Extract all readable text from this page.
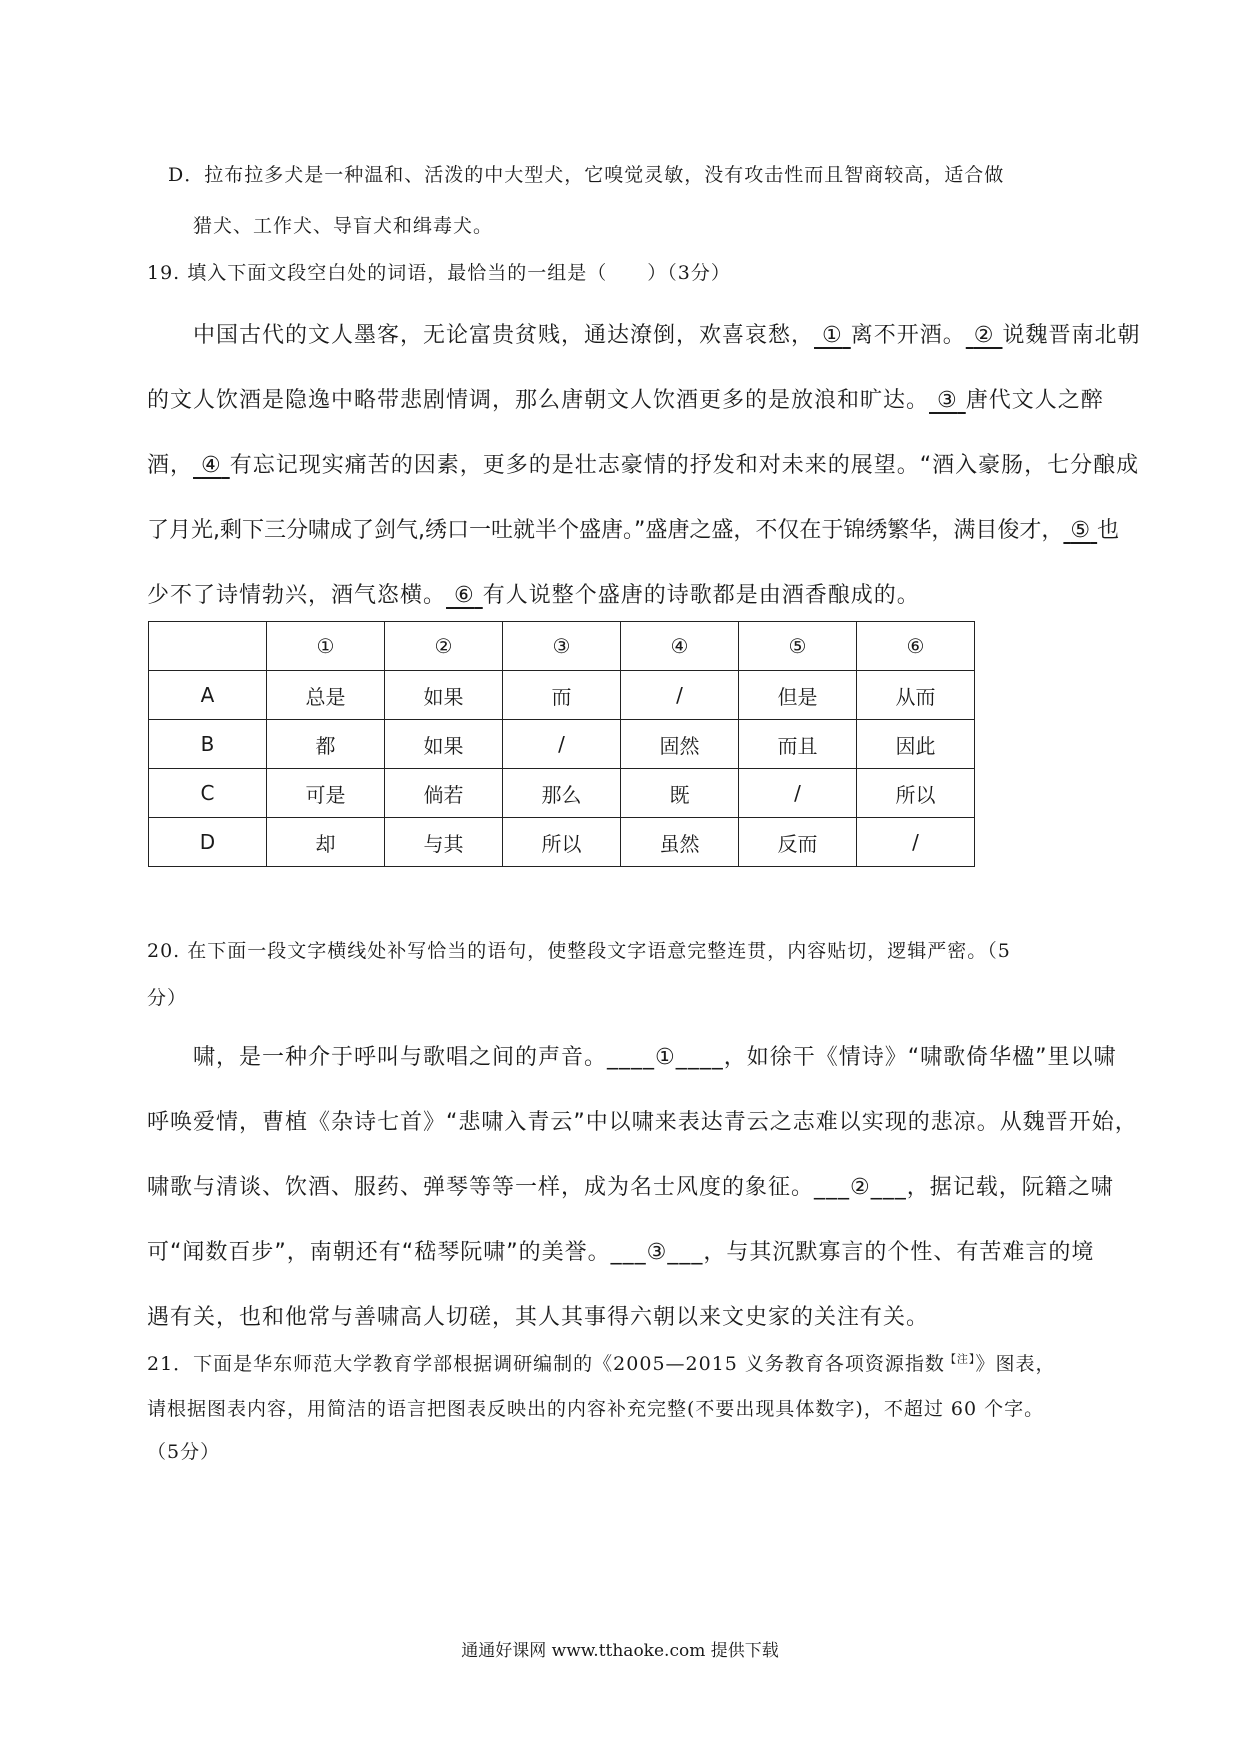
D．拉布拉多犬是一种温和、活泼的中大型犬，它嗅觉灵敏，没有攻击性而且智商较高，适合做
猎犬、工作犬、导盲犬和缉毒犬。
19. 填入下面文段空白处的词语，最恰当的一组是（　　）（3分）
中国古代的文人墨客，无论富贵贫贱，通达潦倒，欢喜哀愁， ① 离不开酒。 ② 说魏晋南北朝
的文人饮酒是隐逸中略带悲剧情调，那么唐朝文人饮酒更多的是放浪和旷达。 ③ 唐代文人之醉
酒， ④ 有忘记现实痛苦的因素，更多的是壮志豪情的抒发和对未来的展望。“酒入豪肠，七分酿成
了月光,剩下三分啸成了剑气,绣口一吐就半个盛唐。”盛唐之盛，不仅在于锦绣繁华，满目俊才， ⑤ 也
少不了诗情勃兴，酒气恣横。 ⑥ 有人说整个盛唐的诗歌都是由酒香酿成的。
	①	②	③	④	⑤	⑥
A	总是	如果	而	/	但是	从而
B	都	如果	/	固然	而且	因此
C	可是	倘若	那么	既	/	所以
D	却	与其	所以	虽然	反而	/
20. 在下面一段文字横线处补写恰当的语句，使整段文字语意完整连贯，内容贴切，逻辑严密。（5
分）
啸，是一种介于呼叫与歌唱之间的声音。____①____，如徐干《情诗》“啸歌倚华楹”里以啸
呼唤爱情，曹植《杂诗七首》“悲啸入青云”中以啸来表达青云之志难以实现的悲凉。从魏晋开始，
啸歌与清谈、饮酒、服药、弹琴等等一样，成为名士风度的象征。___②___，据记载，阮籍之啸
可“闻数百步”，南朝还有“嵇琴阮啸”的美誉。___③___，与其沉默寡言的个性、有苦难言的境
遇有关，也和他常与善啸高人切磋，其人其事得六朝以来文史家的关注有关。
21．下面是华东师范大学教育学部根据调研编制的《2005—2015 义务教育各项资源指数$^{【注】}$》图表，
请根据图表内容，用简洁的语言把图表反映出的内容补充完整(不要出现具体数字)，不超过 60 个字。
（5分）
通通好课网 www.tthaoke.com 提供下载
